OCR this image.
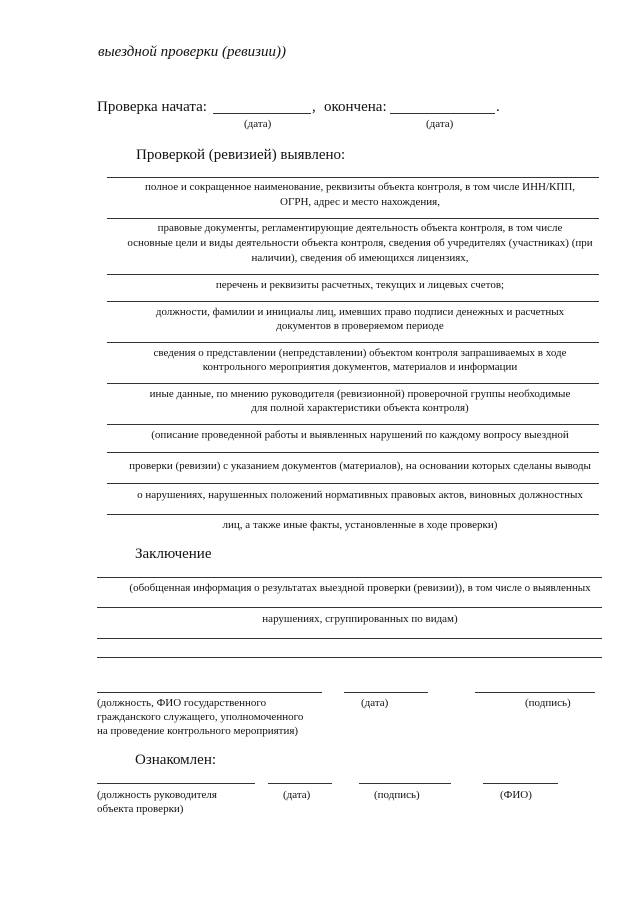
выездной проверки (ревизии))
Проверка начата:	, окончена:	.
(дата)	(дата)
Проверкой (ревизией) выявлено:
полное и сокращенное наименование, реквизиты объекта контроля, в том числе ИНН/КПП,
ОГРН, адрес и место нахождения,
правовые документы, регламентирующие деятельность объекта контроля, в том числе
основные цели и виды деятельности объекта контроля, сведения об учредителях (участниках) (при
наличии), сведения об имеющихся лицензиях,
перечень и реквизиты расчетных, текущих и лицевых счетов;
должности, фамилии и инициалы лиц, имевших право подписи денежных и расчетных
документов в проверяемом периоде
сведения о представлении (непредставлении) объектом контроля запрашиваемых в ходе
контрольного мероприятия документов, материалов и информации
иные данные, по мнению руководителя (ревизионной) проверочной группы необходимые
для полной характеристики объекта контроля)
(описание проведенной работы и выявленных нарушений по каждому вопросу выездной
проверки (ревизии) с указанием документов (материалов), на основании которых сделаны выводы
о нарушениях, нарушенных положений нормативных правовых актов, виновных должностных
лиц, а также иные факты, установленные в ходе проверки)
Заключение
(обобщенная информация о результатах выездной проверки (ревизии)), в том числе о выявленных
нарушениях, сгруппированных по видам)
(должность, ФИО государственного
гражданского служащего, уполномоченного
на проведение контрольного мероприятия)
(дата)	(подпись)
Ознакомлен:
(должность руководителя
объекта проверки)
(дата)	(подпись)	(ФИО)
